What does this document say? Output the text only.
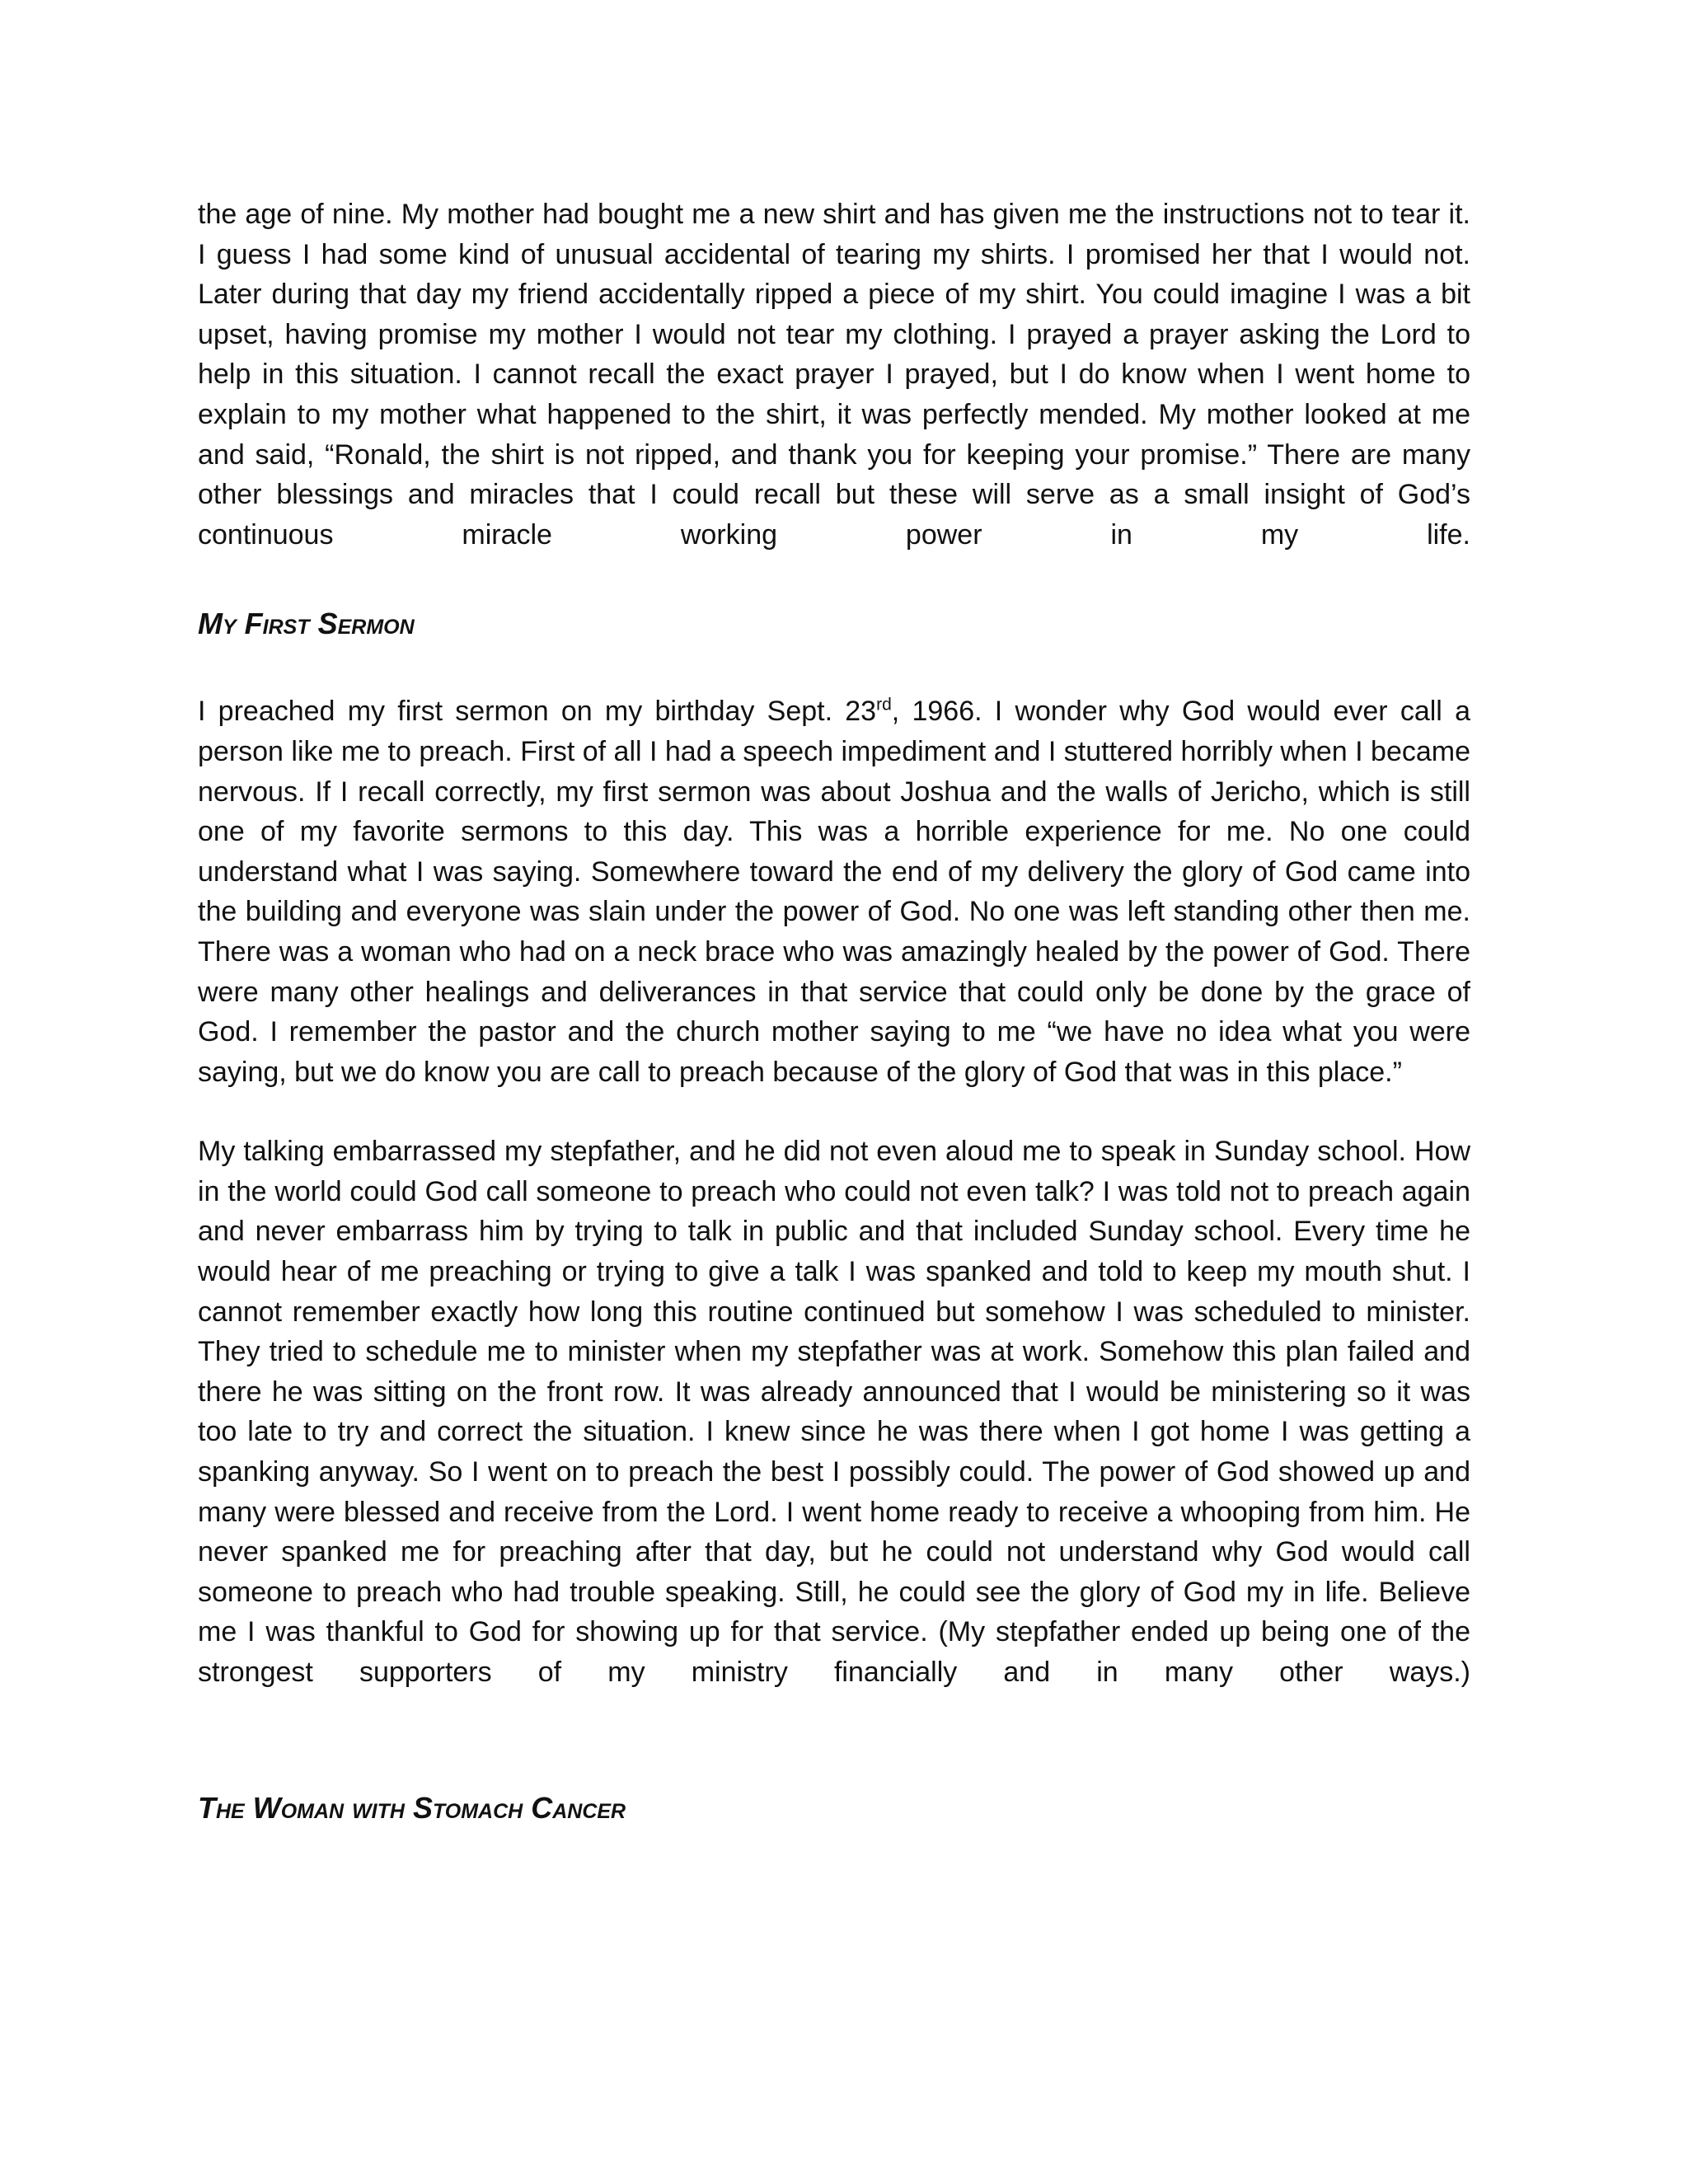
the age of nine. My mother had bought me a new shirt and has given me the instructions not to tear it. I guess I had some kind of unusual accidental of tearing my shirts. I promised her that I would not. Later during that day my friend accidentally ripped a piece of my shirt. You could imagine I was a bit upset, having promise my mother I would not tear my clothing. I prayed a prayer asking the Lord to help in this situation. I cannot recall the exact prayer I prayed, but I do know when I went home to explain to my mother what happened to the shirt, it was perfectly mended. My mother looked at me and said, “Ronald, the shirt is not ripped, and thank you for keeping your promise.” There are many other blessings and miracles that I could recall but these will serve as a small insight of God’s continuous miracle working power in my life.

My First Sermon

I preached my first sermon on my birthday Sept. 23rd, 1966. I wonder why God would ever call a person like me to preach. First of all I had a speech impediment and I stuttered horribly when I became nervous. If I recall correctly, my first sermon was about Joshua and the walls of Jericho, which is still one of my favorite sermons to this day. This was a horrible experience for me. No one could understand what I was saying. Somewhere toward the end of my delivery the glory of God came into the building and everyone was slain under the power of God. No one was left standing other then me. There was a woman who had on a neck brace who was amazingly healed by the power of God. There were many other healings and deliverances in that service that could only be done by the grace of God. I remember the pastor and the church mother saying to me “we have no idea what you were saying, but we do know you are call to preach because of the glory of God that was in this place.”

My talking embarrassed my stepfather, and he did not even aloud me to speak in Sunday school. How in the world could God call someone to preach who could not even talk? I was told not to preach again and never embarrass him by trying to talk in public and that included Sunday school. Every time he would hear of me preaching or trying to give a talk I was spanked and told to keep my mouth shut. I cannot remember exactly how long this routine continued but somehow I was scheduled to minister. They tried to schedule me to minister when my stepfather was at work. Somehow this plan failed and there he was sitting on the front row. It was already announced that I would be ministering so it was too late to try and correct the situation. I knew since he was there when I got home I was getting a spanking anyway. So I went on to preach the best I possibly could. The power of God showed up and many were blessed and receive from the Lord. I went home ready to receive a whooping from him. He never spanked me for preaching after that day, but he could not understand why God would call someone to preach who had trouble speaking. Still, he could see the glory of God my in life. Believe me I was thankful to God for showing up for that service. (My stepfather ended up being one of the strongest supporters of my ministry financially and in many other ways.)

The Woman with Stomach Cancer
